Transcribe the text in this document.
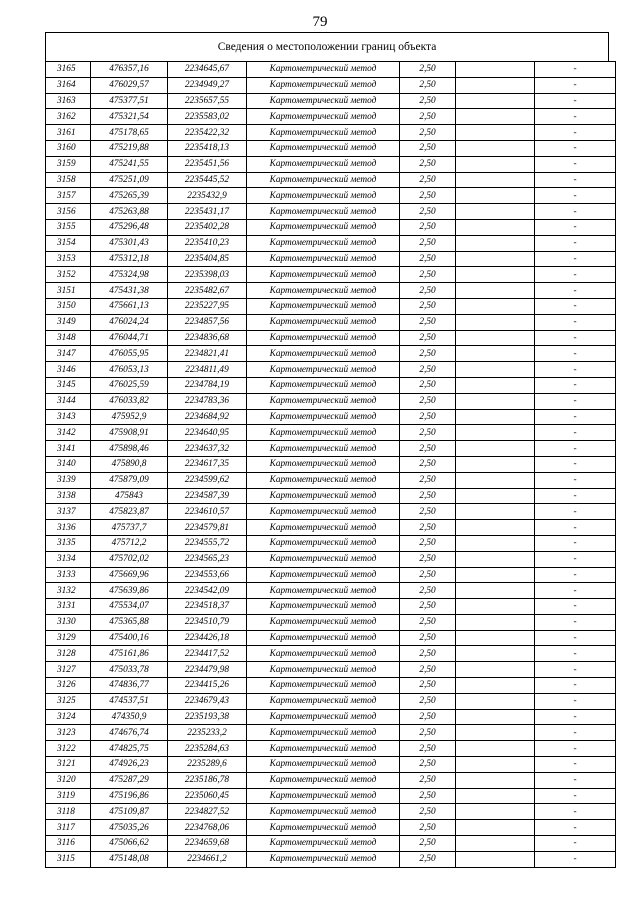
79
Сведения о местоположении границ объекта
3165	476357,16	2234645,67	Картометрический метод	2,50		-
3164	476029,57	2234949,27	Картометрический метод	2,50		-
3163	475377,51	2235657,55	Картометрический метод	2,50		-
3162	475321,54	2235583,02	Картометрический метод	2,50		-
3161	475178,65	2235422,32	Картометрический метод	2,50		-
3160	475219,88	2235418,13	Картометрический метод	2,50		-
3159	475241,55	2235451,56	Картометрический метод	2,50		-
3158	475251,09	2235445,52	Картометрический метод	2,50		-
3157	475265,39	2235432,9	Картометрический метод	2,50		-
3156	475263,88	2235431,17	Картометрический метод	2,50		-
3155	475296,48	2235402,28	Картометрический метод	2,50		-
3154	475301,43	2235410,23	Картометрический метод	2,50		-
3153	475312,18	2235404,85	Картометрический метод	2,50		-
3152	475324,98	2235398,03	Картометрический метод	2,50		-
3151	475431,38	2235482,67	Картометрический метод	2,50		-
3150	475661,13	2235227,95	Картометрический метод	2,50		-
3149	476024,24	2234857,56	Картометрический метод	2,50		-
3148	476044,71	2234836,68	Картометрический метод	2,50		-
3147	476055,95	2234821,41	Картометрический метод	2,50		-
3146	476053,13	2234811,49	Картометрический метод	2,50		-
3145	476025,59	2234784,19	Картометрический метод	2,50		-
3144	476033,82	2234783,36	Картометрический метод	2,50		-
3143	475952,9	2234684,92	Картометрический метод	2,50		-
3142	475908,91	2234640,95	Картометрический метод	2,50		-
3141	475898,46	2234637,32	Картометрический метод	2,50		-
3140	475890,8	2234617,35	Картометрический метод	2,50		-
3139	475879,09	2234599,62	Картометрический метод	2,50		-
3138	475843	2234587,39	Картометрический метод	2,50		-
3137	475823,87	2234610,57	Картометрический метод	2,50		-
3136	475737,7	2234579,81	Картометрический метод	2,50		-
3135	475712,2	2234555,72	Картометрический метод	2,50		-
3134	475702,02	2234565,23	Картометрический метод	2,50		-
3133	475669,96	2234553,66	Картометрический метод	2,50		-
3132	475639,86	2234542,09	Картометрический метод	2,50		-
3131	475534,07	2234518,37	Картометрический метод	2,50		-
3130	475365,88	2234510,79	Картометрический метод	2,50		-
3129	475400,16	2234426,18	Картометрический метод	2,50		-
3128	475161,86	2234417,52	Картометрический метод	2,50		-
3127	475033,78	2234479,98	Картометрический метод	2,50		-
3126	474836,77	2234415,26	Картометрический метод	2,50		-
3125	474537,51	2234679,43	Картометрический метод	2,50		-
3124	474350,9	2235193,38	Картометрический метод	2,50		-
3123	474676,74	2235233,2	Картометрический метод	2,50		-
3122	474825,75	2235284,63	Картометрический метод	2,50		-
3121	474926,23	2235289,6	Картометрический метод	2,50		-
3120	475287,29	2235186,78	Картометрический метод	2,50		-
3119	475196,86	2235060,45	Картометрический метод	2,50		-
3118	475109,87	2234827,52	Картометрический метод	2,50		-
3117	475035,26	2234768,06	Картометрический метод	2,50		-
3116	475066,62	2234659,68	Картометрический метод	2,50		-
3115	475148,08	2234661,2	Картометрический метод	2,50		-
